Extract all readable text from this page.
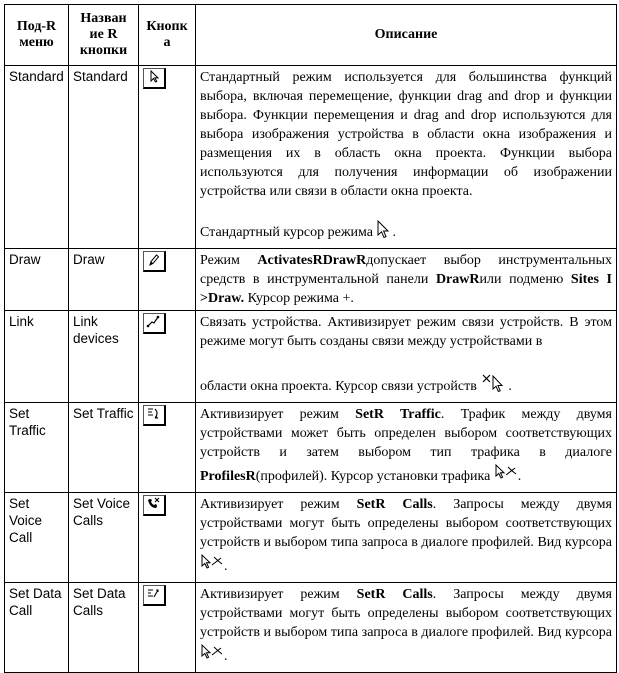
Под-R меню	Назван ие R кнопки	Кнопк а	Описание
Standard	Standard		Стандартный режим используется для большинства функций выбора, включая перемещение, функции drag and drop и функции выбора. Функции перемещения и drag and drop используются для выбора изображения устройства в области окна изображения и размещения их в область окна проекта. Функции выбора используются для получения информации об изображении устройства или связи в области окна проекта.

Стандартный курсор режима .
Draw	Draw		Режим ActivatesRDrawRдопускает выбор инструментальных средств в инструментальной панели DrawRили подменю Sites I >Draw. Курсор режима +.
Link	Link devices		Связать устройства. Активизирует режим связи устройств. В этом режиме могут быть созданы связи между устройствами в

области окна проекта. Курсор связи устройств .
Set Traffic	Set Traffic		Активизирует режим SetR Traffic. Трафик между двумя устройствами может быть определен выбором соответствующих устройств и затем выбором тип трафика в диалоге ProfilesR(профилей). Курсор установки трафика .
Set Voice Call	Set Voice Calls		Активизирует режим SetR Calls. Запросы между двумя устройствами могут быть определены выбором соответствующих устройств и выбором типа запроса в диалоге профилей. Вид курсора .
Set Data Call	Set Data Calls		Активизирует режим SetR Calls. Запросы между двумя устройствами могут быть определены выбором соответствующих устройств и выбором типа запроса в диалоге профилей. Вид курсора .
